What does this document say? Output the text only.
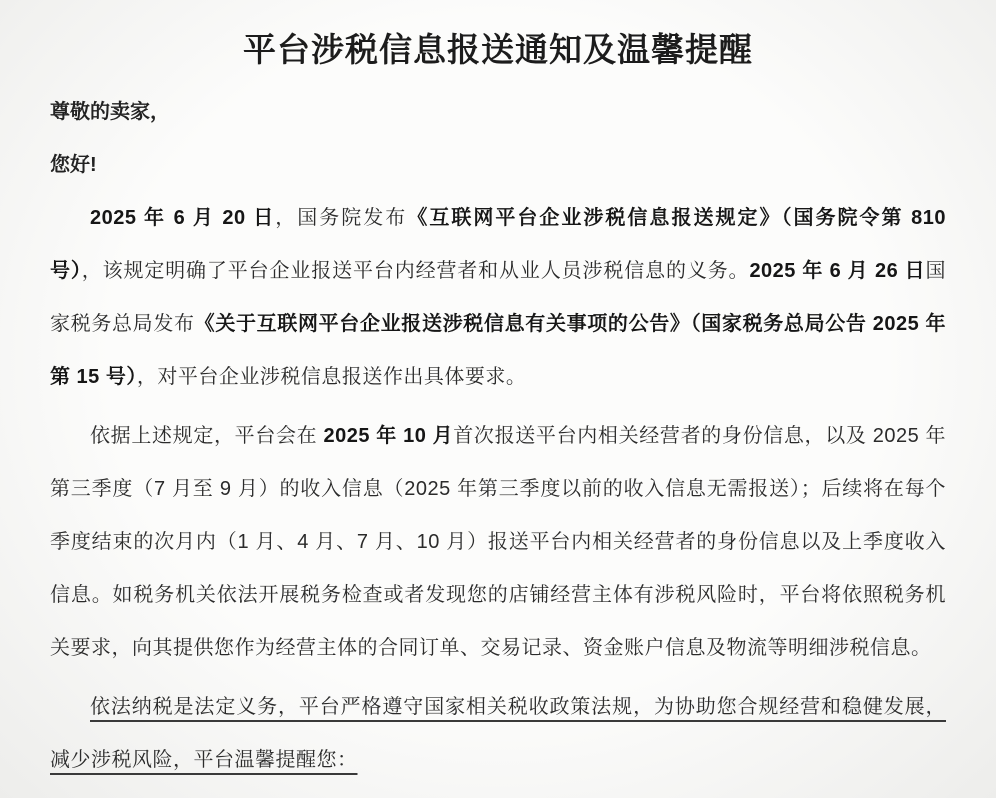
平台涉税信息报送通知及温馨提醒

尊敬的卖家，

您好!

2025 年 6 月 20 日，国务院发布《互联网平台企业涉税信息报送规定》（国务院令第 810 号），该规定明确了平台企业报送平台内经营者和从业人员涉税信息的义务。2025 年 6 月 26 日国家税务总局发布《关于互联网平台企业报送涉税信息有关事项的公告》（国家税务总局公告 2025 年第 15 号），对平台企业涉税信息报送作出具体要求。

依据上述规定，平台会在 2025 年 10 月首次报送平台内相关经营者的身份信息，以及 2025 年第三季度（7 月至 9 月）的收入信息（2025 年第三季度以前的收入信息无需报送）；后续将在每个季度结束的次月内（1 月、4 月、7 月、10 月）报送平台内相关经营者的身份信息以及上季度收入信息。如税务机关依法开展税务检查或者发现您的店铺经营主体有涉税风险时，平台将依照税务机关要求，向其提供您作为经营主体的合同订单、交易记录、资金账户信息及物流等明细涉税信息。

依法纳税是法定义务，平台严格遵守国家相关税收政策法规，为协助您合规经营和稳健发展，减少涉税风险，平台温馨提醒您：
